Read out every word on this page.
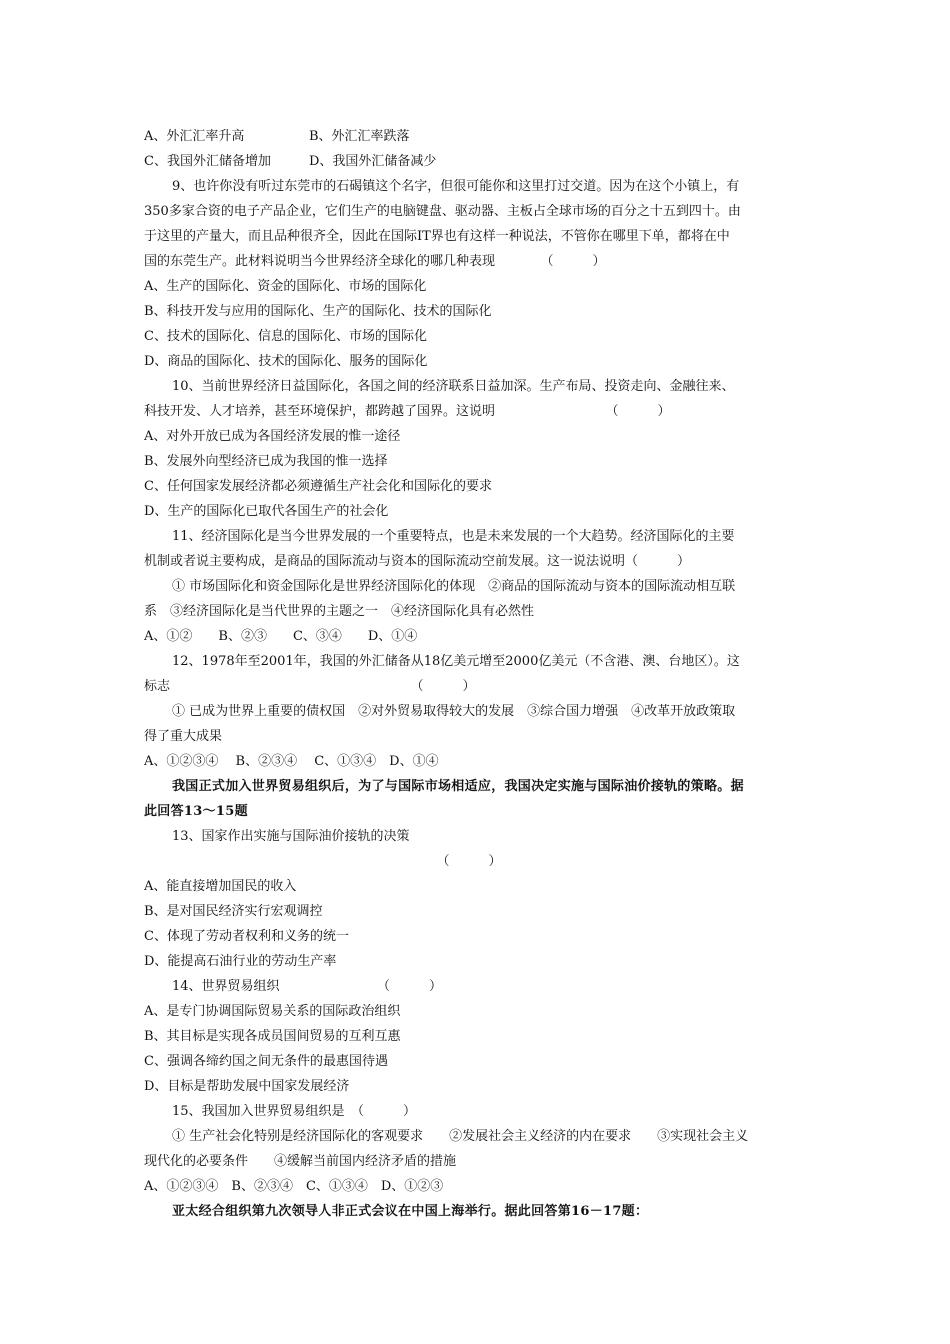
A、外汇汇率升高	B、外汇汇率跌落
C、我国外汇储备增加	D、我国外汇储备减少
9、也许你没有听过东莞市的石碣镇这个名字，但很可能你和这里打过交道。因为在这个小镇上，有
350多家合资的电子产品企业，它们生产的电脑键盘、驱动器、主板占全球市场的百分之十五到四十。由
于这里的产量大，而且品种很齐全，因此在国际IT界也有这样一种说法，不管你在哪里下单，都将在中
国的东莞生产。此材料说明当今世界经济全球化的哪几种表现　　　　（　　　）
A、生产的国际化、资金的国际化、市场的国际化
B、科技开发与应用的国际化、生产的国际化、技术的国际化
C、技术的国际化、信息的国际化、市场的国际化
D、商品的国际化、技术的国际化、服务的国际化
10、当前世界经济日益国际化，各国之间的经济联系日益加深。生产布局、投资走向、金融往来、
科技开发、人才培养，甚至环境保护，都跨越了国界。这说明　　　　　　　　　（　　　）
A、对外开放已成为各国经济发展的惟一途径
B、发展外向型经济已成为我国的惟一选择
C、任何国家发展经济都必须遵循生产社会化和国际化的要求
D、生产的国际化已取代各国生产的社会化
11、经济国际化是当今世界发展的一个重要特点，也是未来发展的一个大趋势。经济国际化的主要
机制或者说主要构成，是商品的国际流动与资本的国际流动空前发展。这一说法说明（　　　）
① 市场国际化和资金国际化是世界经济国际化的体现　②商品的国际流动与资本的国际流动相互联
系　③经济国际化是当代世界的主题之一　④经济国际化具有必然性
A、①②　　B、②③　　C、③④　　D、①④
12、1978年至2001年，我国的外汇储备从18亿美元增至2000亿美元（不含港、澳、台地区）。这
标志　　　　　　　　　　　　　　　　　　　（　　　）
① 已成为世界上重要的债权国　②对外贸易取得较大的发展　③综合国力增强　④改革开放政策取
得了重大成果
A、①②③④　 B、②③④　 C、①③④　D、①④
我国正式加入世界贸易组织后，为了与国际市场相适应，我国决定实施与国际油价接轨的策略。据
此回答13～15题
13、国家作出实施与国际油价接轨的决策
　　　　　　　　　　　　　　　　　　　　　　　（　　　）
A、能直接增加国民的收入
B、是对国民经济实行宏观调控
C、体现了劳动者权利和义务的统一
D、能提高石油行业的劳动生产率
14、世界贸易组织　　　　　　　　（　　　）
A、是专门协调国际贸易关系的国际政治组织
B、其目标是实现各成员国间贸易的互利互惠
C、强调各缔约国之间无条件的最惠国待遇
D、目标是帮助发展中国家发展经济
15、我国加入世界贸易组织是　（　　　）
① 生产社会化特别是经济国际化的客观要求　　②发展社会主义经济的内在要求　　③实现社会主义
现代化的必要条件　　④缓解当前国内经济矛盾的措施
A、①②③④　B、②③④　C、①③④　D、①②③
亚太经合组织第九次领导人非正式会议在中国上海举行。据此回答第16－17题：
